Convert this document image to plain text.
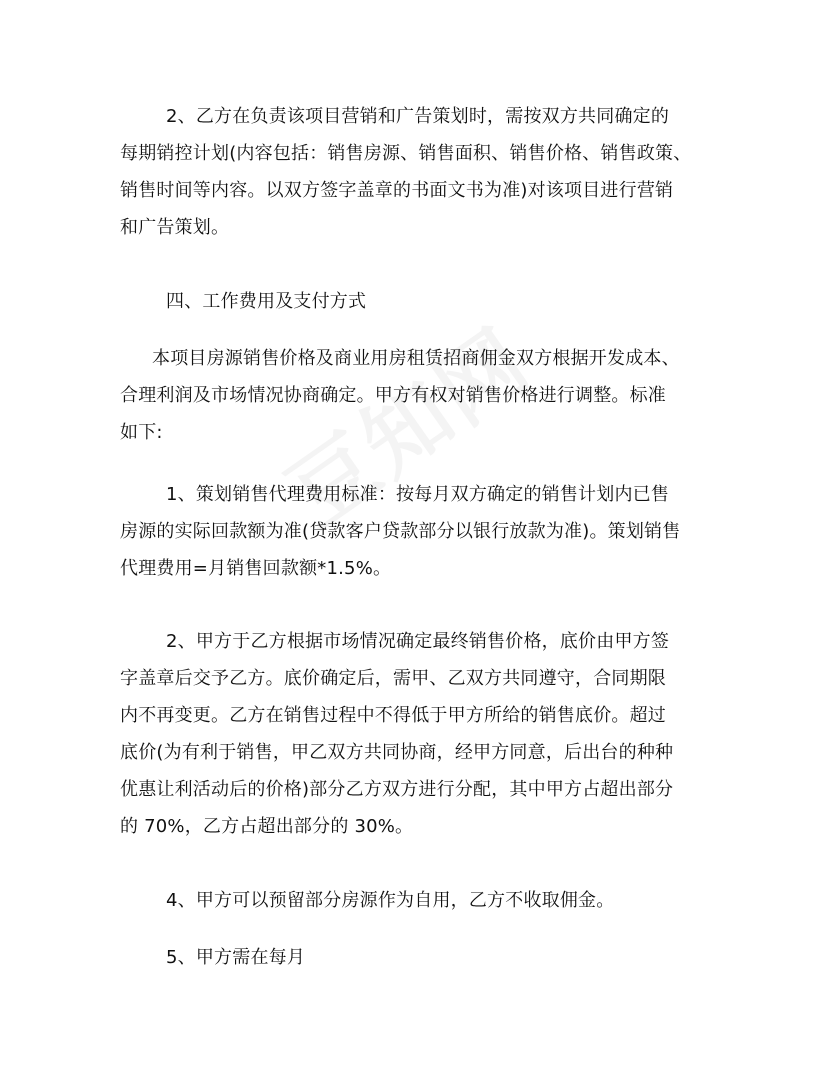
2、乙方在负责该项目营销和广告策划时，需按双方共同确定的
每期销控计划(内容包括：销售房源、销售面积、销售价格、销售政策、
销售时间等内容。以双方签字盖章的书面文书为准)对该项目进行营销
和广告策划。
四、工作费用及支付方式
本项目房源销售价格及商业用房租赁招商佣金双方根据开发成本、
合理利润及市场情况协商确定。甲方有权对销售价格进行调整。标准
如下:
1、策划销售代理费用标准：按每月双方确定的销售计划内已售
房源的实际回款额为准(贷款客户贷款部分以银行放款为准)。策划销售
代理费用=月销售回款额*1.5%。
2、甲方于乙方根据市场情况确定最终销售价格，底价由甲方签
字盖章后交予乙方。底价确定后，需甲、乙双方共同遵守，合同期限
内不再变更。乙方在销售过程中不得低于甲方所给的销售底价。超过
底价(为有利于销售，甲乙双方共同协商，经甲方同意，后出台的种种
优惠让利活动后的价格)部分乙方双方进行分配，其中甲方占超出部分
的 70%，乙方占超出部分的 30%。
4、甲方可以预留部分房源作为自用，乙方不收取佣金。
5、甲方需在每月
